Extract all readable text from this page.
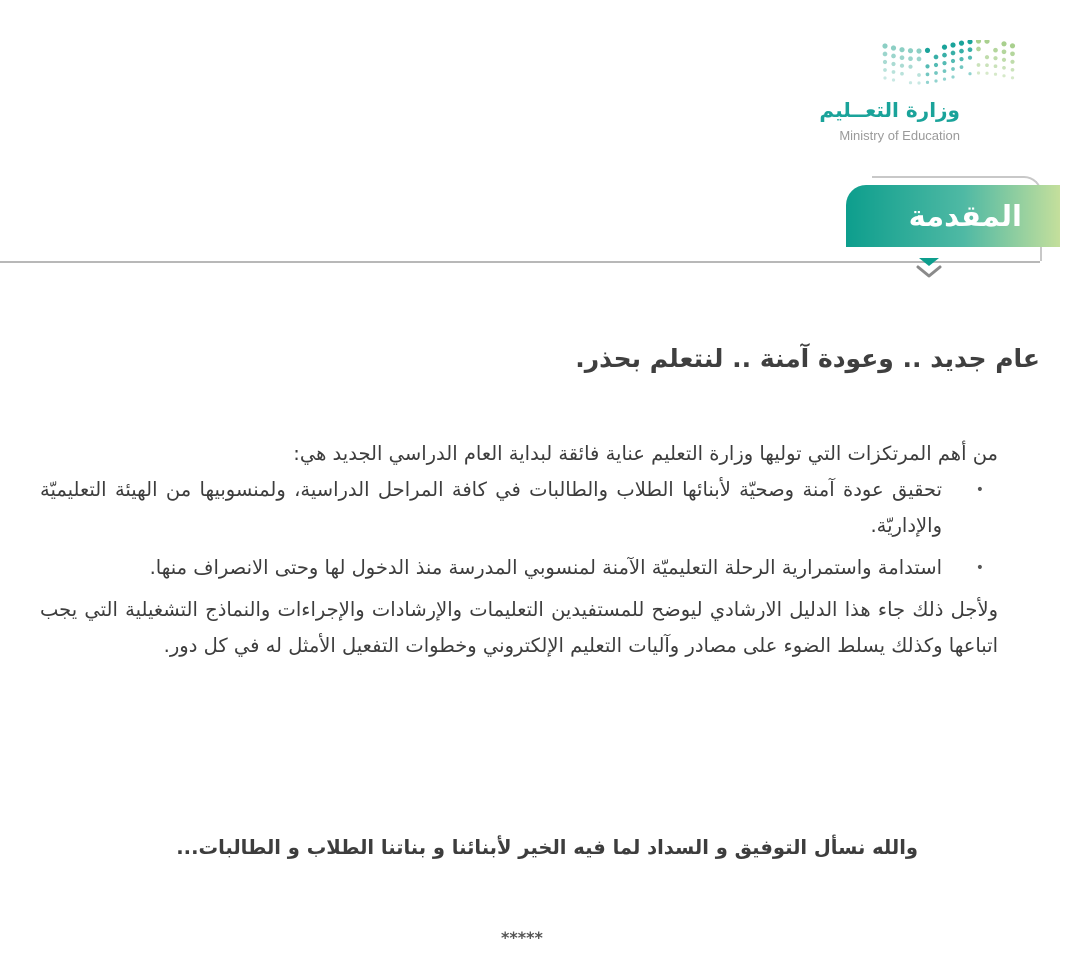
وزارة التعــليم
Ministry of Education
المقدمة
عام جديد .. وعودة آمنة .. لنتعلم بحذر.

من أهم المرتكزات التي توليها وزارة التعليم عناية فائقة لبداية العام الدراسي الجديد هي:

•
تحقيق عودة آمنة وصحيّة لأبنائها الطلاب والطالبات في كافة المراحل الدراسية، ولمنسوبيها من الهيئة التعليميّة والإداريّة.
•
استدامة واستمرارية الرحلة التعليميّة الآمنة لمنسوبي المدرسة منذ الدخول لها وحتى الانصراف منها.

ولأجل ذلك جاء هذا الدليل الارشادي ليوضح للمستفيدين التعليمات والإرشادات والإجراءات والنماذج التشغيلية التي يجب اتباعها وكذلك يسلط الضوء على مصادر وآليات التعليم الإلكتروني وخطوات التفعيل الأمثل له في كل دور.

والله نسأل التوفيق و السداد لما فيه الخير لأبنائنا و بناتنا الطلاب و الطالبات...
*****
